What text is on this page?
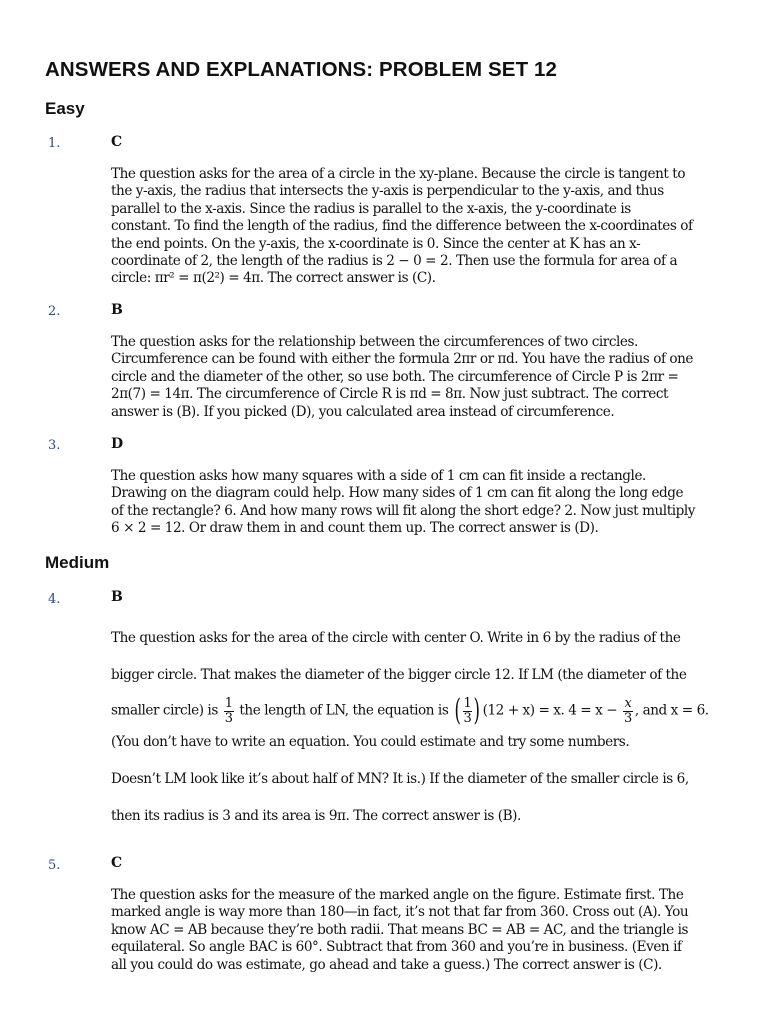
ANSWERS AND EXPLANATIONS: PROBLEM SET 12
Easy
1.	C

The question asks for the area of a circle in the xy-plane. Because the circle is tangent to
the y-axis, the radius that intersects the y-axis is perpendicular to the y-axis, and thus
parallel to the x-axis. Since the radius is parallel to the x-axis, the y-coordinate is
constant. To find the length of the radius, find the difference between the x-coordinates of
the end points. On the y-axis, the x-coordinate is 0. Since the center at K has an x-
coordinate of 2, the length of the radius is 2 − 0 = 2. Then use the formula for area of a
circle: πr² = π(2²) = 4π. The correct answer is (C).

2.	B

The question asks for the relationship between the circumferences of two circles.
Circumference can be found with either the formula 2πr or πd. You have the radius of one
circle and the diameter of the other, so use both. The circumference of Circle P is 2πr =
2π(7) = 14π. The circumference of Circle R is πd = 8π. Now just subtract. The correct
answer is (B). If you picked (D), you calculated area instead of circumference.

3.	D

The question asks how many squares with a side of 1 cm can fit inside a rectangle.
Drawing on the diagram could help. How many sides of 1 cm can fit along the long edge
of the rectangle? 6. And how many rows will fit along the short edge? 2. Now just multiply
6 × 2 = 12. Or draw them in and count them up. The correct answer is (D).

Medium
4.	B

The question asks for the area of the circle with center O. Write in 6 by the radius of the
bigger circle. That makes the diameter of the bigger circle 12. If LM (the diameter of the
smaller circle) is $\frac{1}{3}$ the length of LN, the equation is ( $\frac{1}{3}$ ) (12 + x) = x. $4 = x - \frac{x}{3}$ , and x = 6.
(You don’t have to write an equation. You could estimate and try some numbers.
Doesn’t LM look like it’s about half of MN? It is.) If the diameter of the smaller circle is 6,
then its radius is 3 and its area is 9π. The correct answer is (B).

5.	C

The question asks for the measure of the marked angle on the figure. Estimate first. The
marked angle is way more than 180—in fact, it’s not that far from 360. Cross out (A). You
know AC = AB because they’re both radii. That means BC = AB = AC, and the triangle is
equilateral. So angle BAC is 60°. Subtract that from 360 and you’re in business. (Even if
all you could do was estimate, go ahead and take a guess.) The correct answer is (C).
